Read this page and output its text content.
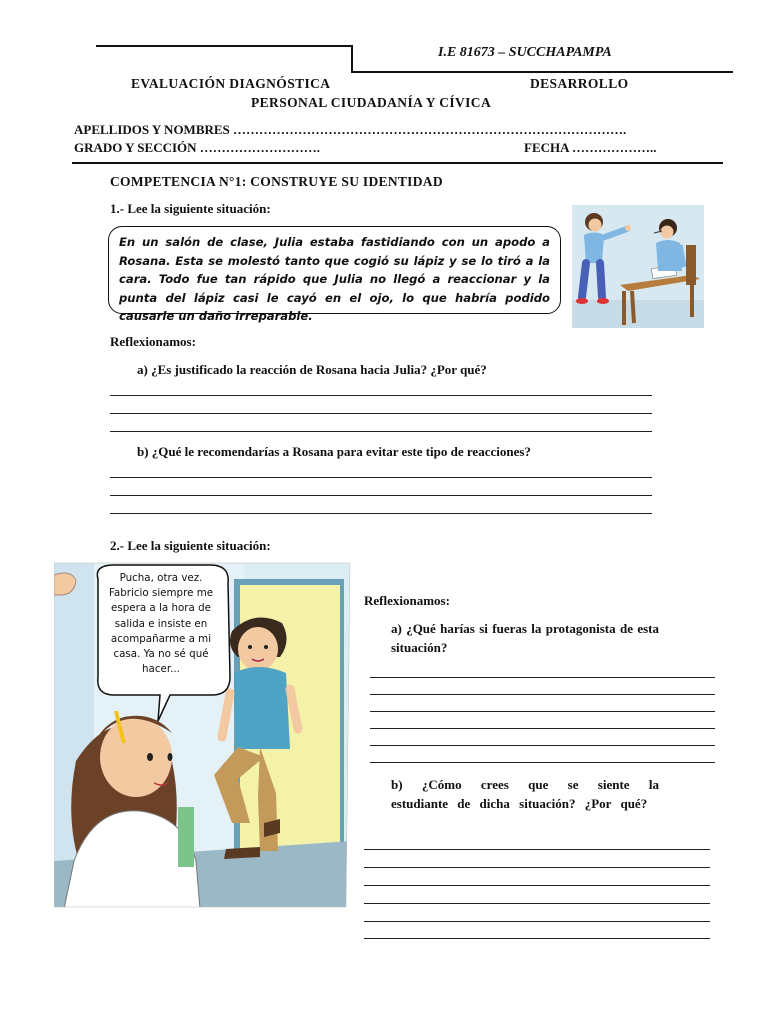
I.E 81673 – SUCCHAPAMPA
EVALUACIÓN DIAGNÓSTICA	DESARROLLO
PERSONAL CIUDADANÍA Y CÍVICA
APELLIDOS Y NOMBRES ……………………………………………………………………………….
GRADO Y SECCIÓN ……………………….	FECHA ………………..
COMPETENCIA N°1: CONSTRUYE SU IDENTIDAD
1.- Lee la siguiente situación:
En un salón de clase, Julia estaba fastidiando con un apodo a Rosana. Esta se molestó tanto que cogió su lápiz y se lo tiró a la cara. Todo fue tan rápido que Julia no llegó a reaccionar y la punta del lápiz casi le cayó en el ojo, lo que habría podido causarle un daño irreparable.
Reflexionamos:
a) ¿Es justificado la reacción de Rosana hacia Julia? ¿Por qué?
b) ¿Qué le recomendarías a Rosana para evitar este tipo de reacciones?
2.- Lee la siguiente situación:
Pucha, otra vez. Fabricio siempre me espera a la hora de salida e insiste en acompañarme a mi casa. Ya no sé qué hacer...
Reflexionamos:
a) ¿Qué harías si fueras la protagonista de esta situación?
b) ¿Cómo crees que se siente la estudiante de dicha situación? ¿Por qué?
